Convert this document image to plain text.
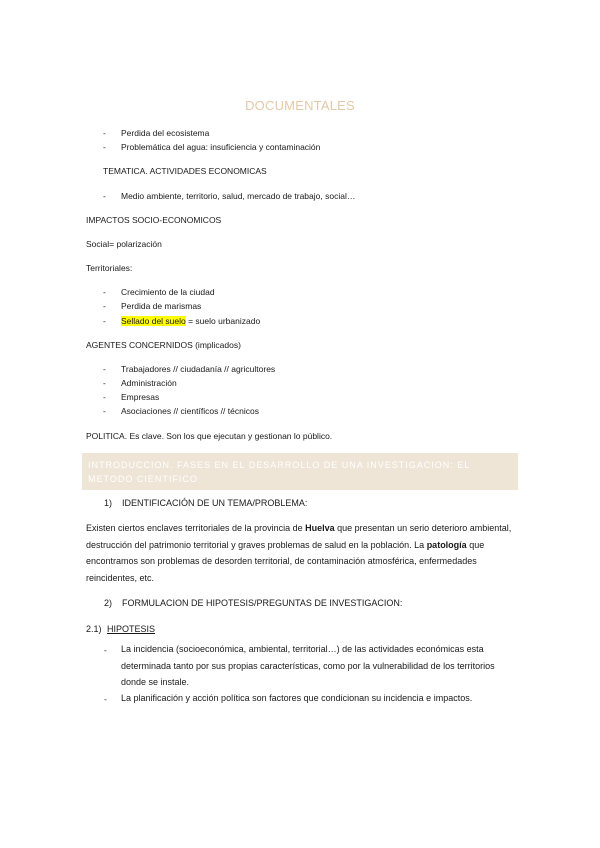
DOCUMENTALES
- Perdida del ecosistema
- Problemática del agua: insuficiencia y contaminación
TEMATICA. ACTIVIDADES ECONOMICAS
- Medio ambiente, territorio, salud, mercado de trabajo, social…
IMPACTOS SOCIO-ECONOMICOS
Social= polarización
Territoriales:
- Crecimiento de la ciudad
- Perdida de marismas
- Sellado del suelo = suelo urbanizado
AGENTES CONCERNIDOS (implicados)
- Trabajadores // ciudadanía // agricultores
- Administración
- Empresas
- Asociaciones // científicos // técnicos
POLITICA. Es clave. Son los que ejecutan y gestionan lo público.
INTRODUCCION. FASES EN EL DESARROLLO DE UNA INVESTIGACION: EL METODO CIENTIFICO
1) IDENTIFICACIÓN DE UN TEMA/PROBLEMA:
Existen ciertos enclaves territoriales de la provincia de Huelva que presentan un serio deterioro ambiental, destrucción del patrimonio territorial y graves problemas de salud en la población. La patología que encontramos son problemas de desorden territorial, de contaminación atmosférica, enfermedades reincidentes, etc.
2) FORMULACION DE HIPOTESIS/PREGUNTAS DE INVESTIGACION:
2.1) HIPOTESIS
- La incidencia (socioeconómica, ambiental, territorial…) de las actividades económicas esta determinada tanto por sus propias características, como por la vulnerabilidad de los territorios donde se instale.
- La planificación y acción política son factores que condicionan su incidencia e impactos.
